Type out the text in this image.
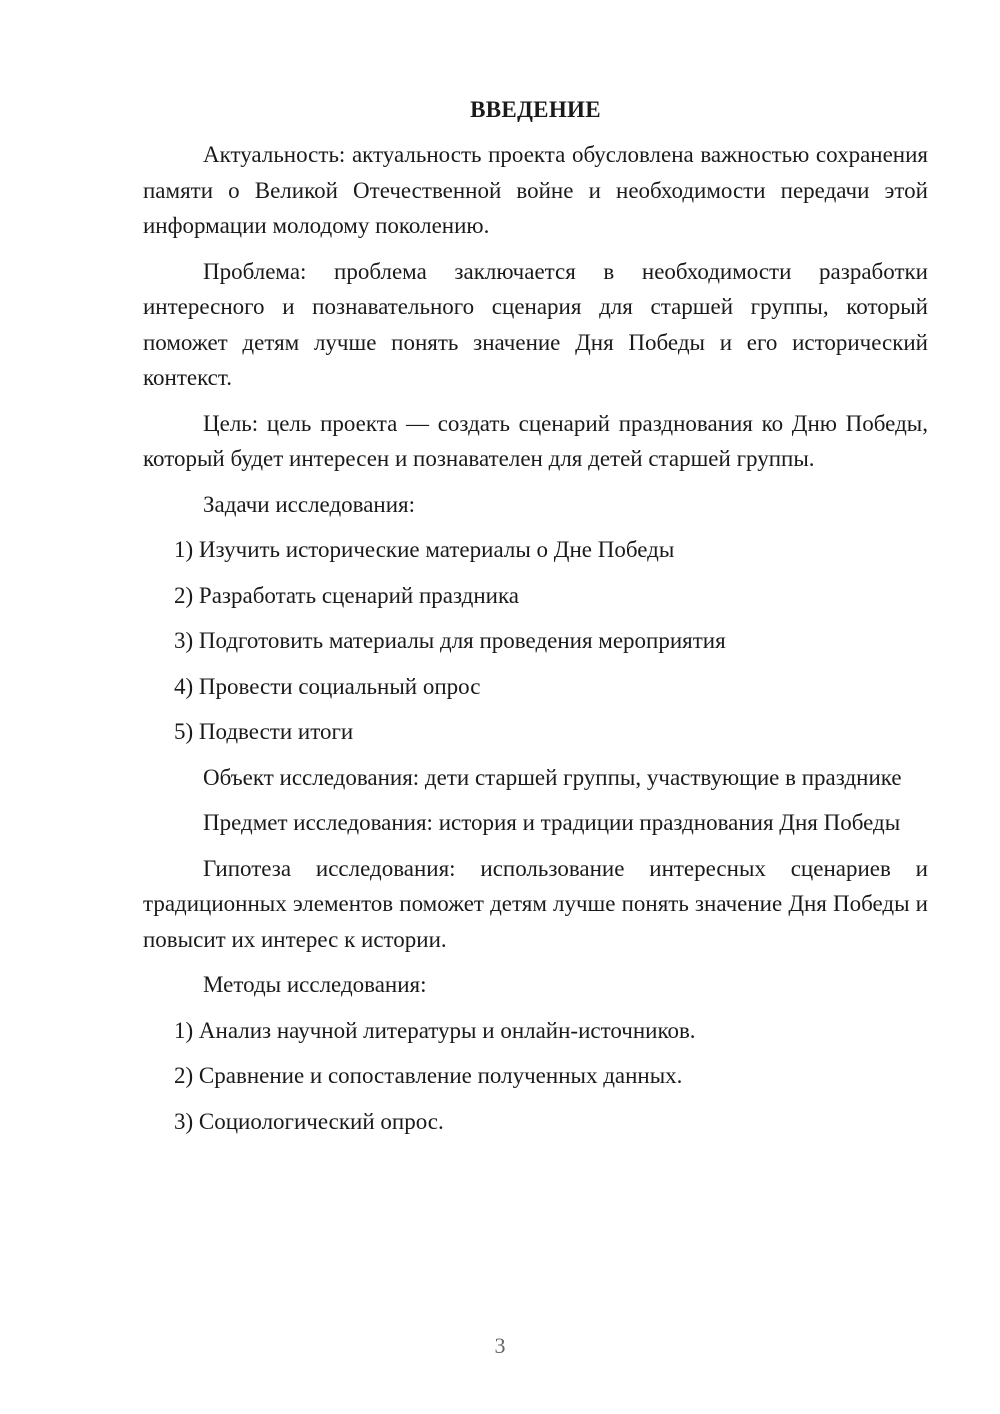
ВВЕДЕНИЕ

Актуальность: актуальность проекта обусловлена важностью сохранения памяти о Великой Отечественной войне и необходимости передачи этой информации молодому поколению.

Проблема: проблема заключается в необходимости разработки интересного и познавательного сценария для старшей группы, который поможет детям лучше понять значение Дня Победы и его исторический контекст.

Цель: цель проекта — создать сценарий празднования ко Дню Победы, который будет интересен и познавателен для детей старшей группы.

Задачи исследования:

1) Изучить исторические материалы о Дне Победы
2) Разработать сценарий праздника
3) Подготовить материалы для проведения мероприятия
4) Провести социальный опрос
5) Подвести итоги

Объект исследования: дети старшей группы, участвующие в празднике

Предмет исследования: история и традиции празднования Дня Победы

Гипотеза исследования: использование интересных сценариев и традиционных элементов поможет детям лучше понять значение Дня Победы и повысит их интерес к истории.

Методы исследования:

1) Анализ научной литературы и онлайн-источников.
2) Сравнение и сопоставление полученных данных.
3) Социологический опрос.
3
